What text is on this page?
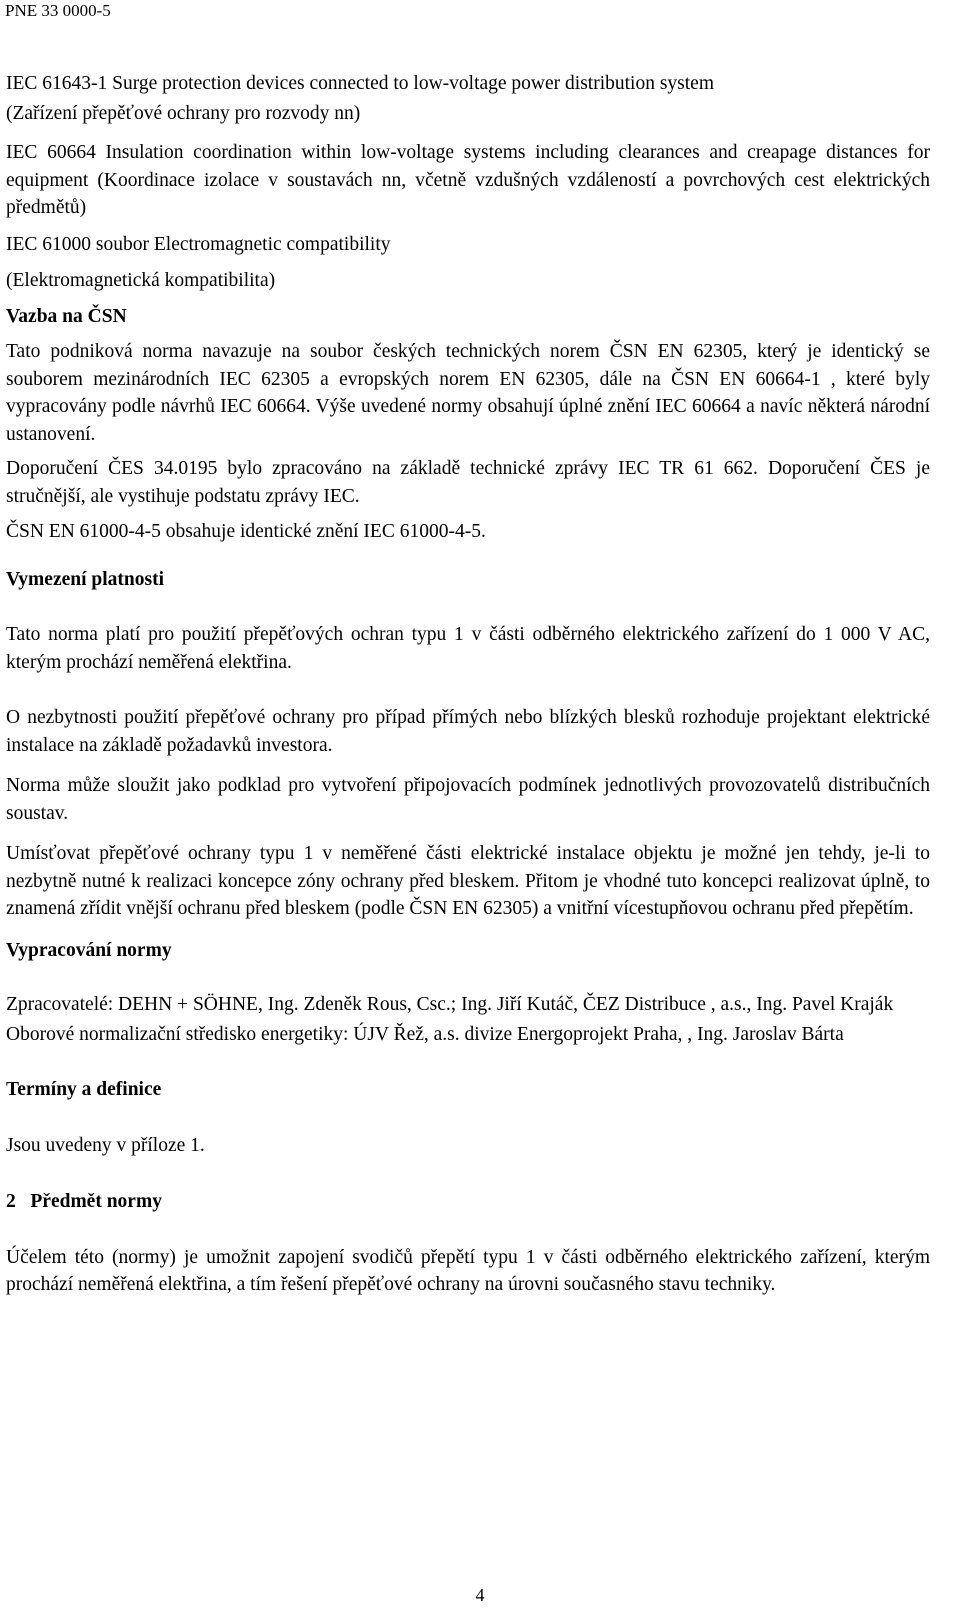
PNE 33 0000-5
IEC 61643-1 Surge protection devices connected to low-voltage power distribution system
(Zařízení přepěťové ochrany pro rozvody nn)
IEC 60664 Insulation coordination within low-voltage systems including clearances and creapage distances for equipment (Koordinace izolace v soustavách nn, včetně vzdušných vzdáleností a povrchových cest elektrických předmětů)
IEC 61000 soubor Electromagnetic compatibility
(Elektromagnetická kompatibilita)
Vazba na ČSN
Tato podniková norma navazuje na soubor českých technických norem ČSN EN 62305, který je identický se souborem mezinárodních IEC 62305 a evropských norem EN 62305, dále na ČSN EN 60664-1 , které byly vypracovány podle návrhů IEC 60664. Výše uvedené normy obsahují úplné znění IEC 60664 a navíc některá národní ustanovení.
Doporučení ČES 34.0195 bylo zpracováno na základě technické zprávy IEC TR 61 662. Doporučení ČES je stručnější, ale vystihuje podstatu zprávy IEC.
ČSN EN 61000-4-5 obsahuje identické znění IEC 61000-4-5.
Vymezení platnosti
Tato norma platí pro použití přepěťových ochran typu 1 v části odběrného elektrického zařízení do 1 000 V AC, kterým prochází neměřená elektřina.
O nezbytnosti použití přepěťové ochrany pro případ přímých nebo blízkých blesků rozhoduje projektant elektrické instalace na základě požadavků investora.
Norma může sloužit jako podklad pro vytvoření připojovacích podmínek jednotlivých provozovatelů distribučních soustav.
Umísťovat přepěťové ochrany typu 1 v neměřené části elektrické instalace objektu je možné jen tehdy, je-li to nezbytně nutné k realizaci koncepce zóny ochrany před bleskem. Přitom je vhodné tuto koncepci realizovat úplně, to znamená zřídit vnější ochranu před bleskem (podle ČSN EN 62305) a vnitřní vícestupňovou ochranu před přepětím.
Vypracování normy
Zpracovatelé: DEHN + SÖHNE, Ing. Zdeněk Rous, Csc.; Ing. Jiří Kutáč, ČEZ Distribuce , a.s., Ing. Pavel Kraják
Oborové normalizační středisko energetiky: ÚJV Řež, a.s. divize Energoprojekt Praha, , Ing. Jaroslav Bárta
Termíny a definice
Jsou uvedeny v příloze 1.
2   Předmět normy
Účelem této (normy) je umožnit zapojení svodičů přepětí typu 1 v části odběrného elektrického zařízení, kterým prochází neměřená elektřina, a tím řešení přepěťové ochrany na úrovni současného stavu techniky.
4
